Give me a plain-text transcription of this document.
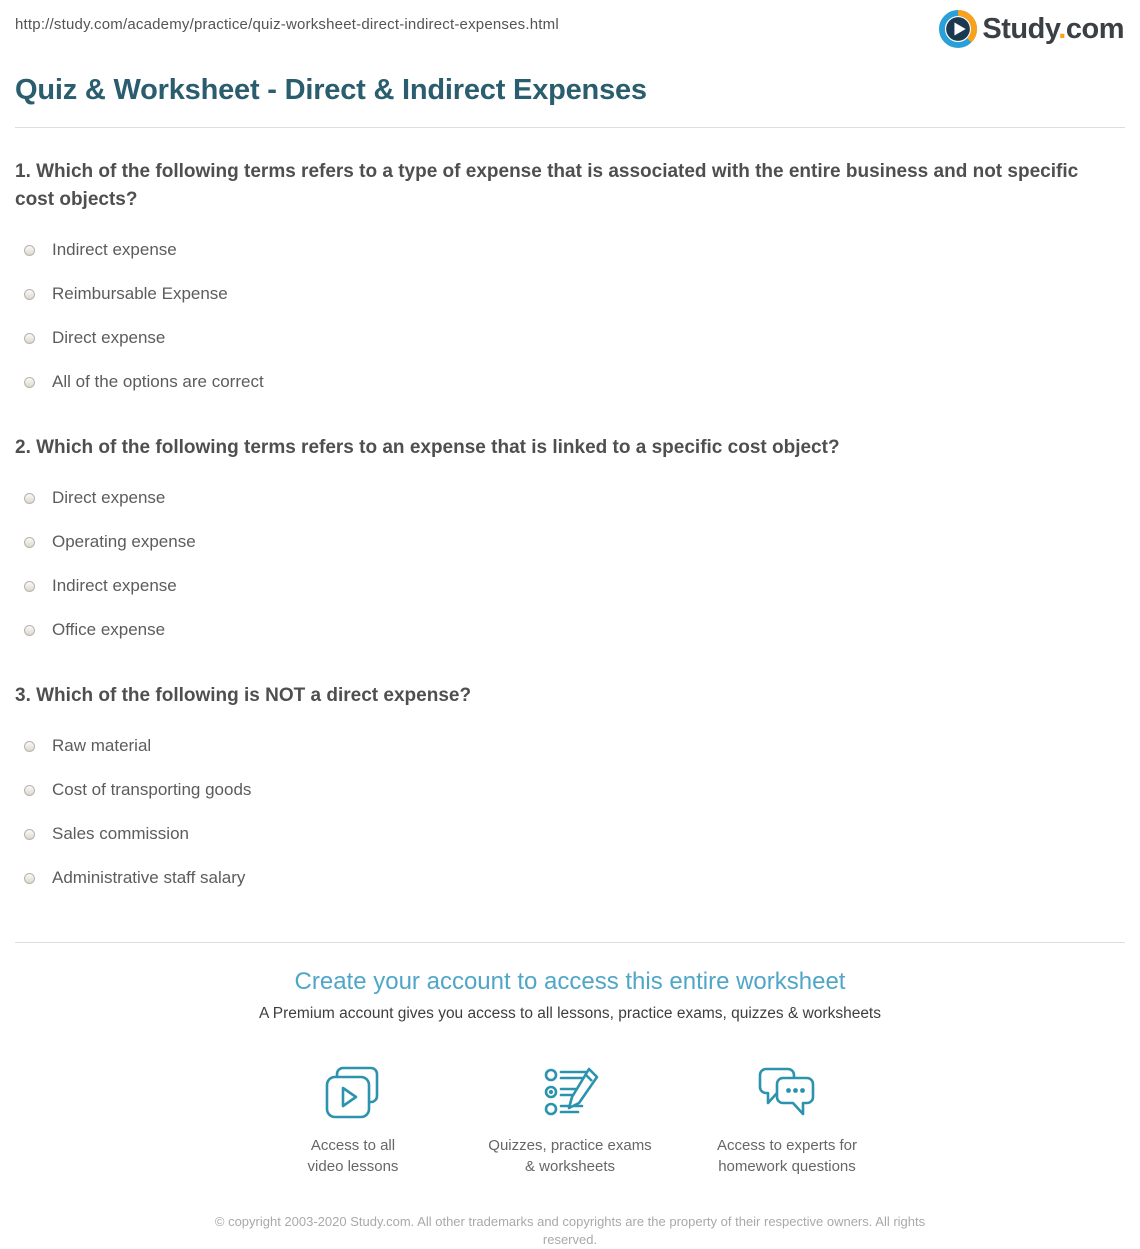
http://study.com/academy/practice/quiz-worksheet-direct-indirect-expenses.html	Study.com
Quiz & Worksheet - Direct & Indirect Expenses
1. Which of the following terms refers to a type of expense that is associated with the entire business and not specific cost objects?
Indirect expense
Reimbursable Expense
Direct expense
All of the options are correct
2. Which of the following terms refers to an expense that is linked to a specific cost object?
Direct expense
Operating expense
Indirect expense
Office expense
3. Which of the following is NOT a direct expense?
Raw material
Cost of transporting goods
Sales commission
Administrative staff salary
Create your account to access this entire worksheet
A Premium account gives you access to all lessons, practice exams, quizzes & worksheets
Access to all
video lessons
Quizzes, practice exams
& worksheets
Access to experts for
homework questions
© copyright 2003-2020 Study.com. All other trademarks and copyrights are the property of their respective owners. All rights reserved.
